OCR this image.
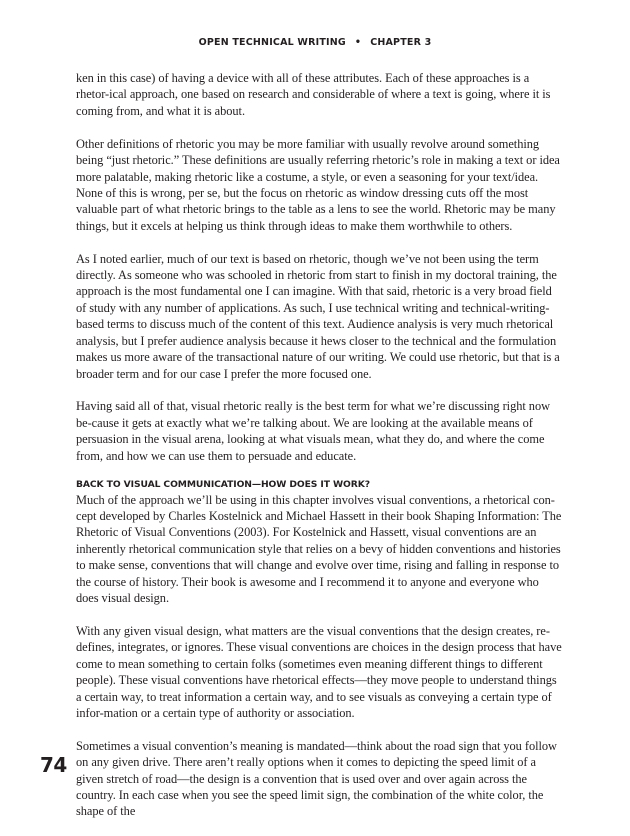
OPEN TECHNICAL WRITING • CHAPTER 3

ken in this case) of having a device with all of these attributes. Each of these approaches is a rhetor-ical approach, one based on research and considerable of where a text is going, where it is coming from, and what it is about.

Other definitions of rhetoric you may be more familiar with usually revolve around something being “just rhetoric.” These definitions are usually referring rhetoric’s role in making a text or idea more palatable, making rhetoric like a costume, a style, or even a seasoning for your text/idea. None of this is wrong, per se, but the focus on rhetoric as window dressing cuts off the most valuable part of what rhetoric brings to the table as a lens to see the world. Rhetoric may be many things, but it excels at helping us think through ideas to make them worthwhile to others.

As I noted earlier, much of our text is based on rhetoric, though we’ve not been using the term directly. As someone who was schooled in rhetoric from start to finish in my doctoral training, the approach is the most fundamental one I can imagine. With that said, rhetoric is a very broad field of study with any number of applications. As such, I use technical writing and technical-writing-based terms to discuss much of the content of this text. Audience analysis is very much rhetorical analysis, but I prefer audience analysis because it hews closer to the technical and the formulation makes us more aware of the transactional nature of our writing. We could use rhetoric, but that is a broader term and for our case I prefer the more focused one.

Having said all of that, visual rhetoric really is the best term for what we’re discussing right now be-cause it gets at exactly what we’re talking about. We are looking at the available means of persuasion in the visual arena, looking at what visuals mean, what they do, and where the come from, and how we can use them to persuade and educate.

BACK TO VISUAL COMMUNICATION—HOW DOES IT WORK?

Much of the approach we’ll be using in this chapter involves visual conventions, a rhetorical con-cept developed by Charles Kostelnick and Michael Hassett in their book Shaping Information: The Rhetoric of Visual Conventions (2003). For Kostelnick and Hassett, visual conventions are an inherently rhetorical communication style that relies on a bevy of hidden conventions and histories to make sense, conventions that will change and evolve over time, rising and falling in response to the course of history. Their book is awesome and I recommend it to anyone and everyone who does visual design.

With any given visual design, what matters are the visual conventions that the design creates, re-defines, integrates, or ignores. These visual conventions are choices in the design process that have come to mean something to certain folks (sometimes even meaning different things to different people). These visual conventions have rhetorical effects—they move people to understand things a certain way, to treat information a certain way, and to see visuals as conveying a certain type of infor-mation or a certain type of authority or association.

Sometimes a visual convention’s meaning is mandated—think about the road sign that you follow on any given drive. There aren’t really options when it comes to depicting the speed limit of a given stretch of road—the design is a convention that is used over and over again across the country. In each case when you see the speed limit sign, the combination of the white color, the shape of the

74
